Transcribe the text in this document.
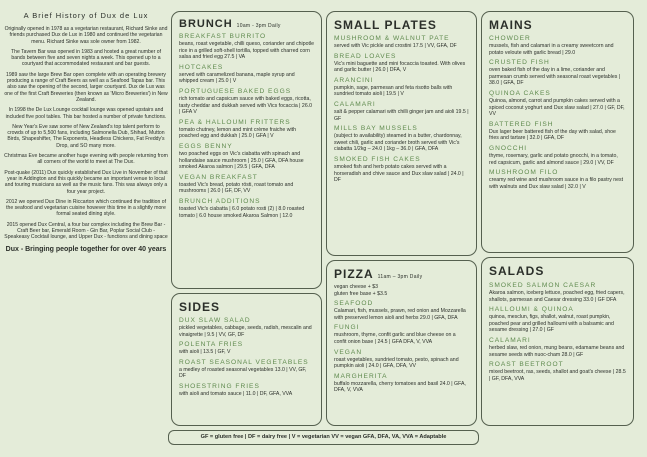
A Brief History of Dux de Lux

Originally opened in 1978 as a vegetarian restaurant, Richard Sinke and friends purchased Dux de Lux in 1980 and continued the vegetarian menu. Richard Sinke was sole owner from 1982.

The Tavern Bar was opened in 1983 and hosted a great number of bands between five and seven nights a week. This opened up to a courtyard that accommodated restaurant and bar guests.

1989 saw the large Brew Bar open complete with an operating brewery producing a range of Craft Beers as well as a Seafood Tapas bar. This also saw the opening of the second, larger courtyard. Dux de Lux was one of the first Craft Breweries (then known as 'Micro Breweries') in New Zealand.

In 1998 the De Lux Lounge cocktail lounge was opened upstairs and included five pool tables. This bar hosted a number of private functions.

New Year's Eve saw some of New Zealand's top talent perform to crowds of up to 5,500 fans, including Salmonella Dub, Shihad, Mutton Birds, Shapeshifter, The Exponents, Headless Chickens, Fat Freddy's Drop, and SO many more.

Christmas Eve became another huge evening with people returning from all corners of the world to meet at The Dux.

Post-quake (2011) Dux quickly established Dux Live in November of that year in Addington and this quickly became an important venue to local and touring musicians as well as the music fans. This was always only a four year project.

2012 we opened Dux Dine in Riccarton which continued the tradition of the seafood and vegetarian cuisine however this time in a slightly more formal seated dining style.

2015 opened Dux Central, a four bar complex including the Brew Bar - Craft Beer bar, Emerald Room - Gin Bar, Poplar Social Club - Speakeasy Cocktail lounge, and Upper Dux - functions and dining space

Dux - Bringing people together for over 40 years
BRUNCH 10am - 3pm Daily
BREAKFAST BURRITO
beans, roast vegetable, chilli queso, coriander and chipotle rice in a grilled soft-shell tortilla, topped with charred corn salsa and fried egg 27.5 | VA
HOTCAKES
served with caramelized banana, maple syrup and whipped cream | 25.0 | V
PORTUGUESE BAKED EGGS
rich tomato and capsicum sauce with baked eggs, ricotta, tasty cheddar and dukkah served with Vics focaccia | 26.0 | GFA V
PEA & HALLOUMI FRITTERS
tomato chutney, lemon and mint crème fraiche with poached egg and dukkah | 25.0 | GFA | V
EGGS BENNY
two poached eggs on Vic's ciabatta with spinach and hollandaise sauce mushroom | 25.0 | GFA, DFA house smoked Akaroa salmon | 29.5 | GFA, DFA
VEGAN BREAKFAST
toasted Vic's bread, potato rösti, roast tomato and mushrooms | 26.0 | GF, DF, VV
BRUNCH ADDITIONS
toasted Vic's ciabatta | 6.0 potato rosti (2) | 8.0 roasted tomato | 6.0 house smoked Akaroa Salmon | 12.0
SIDES
DUX SLAW SALAD
pickled vegetables, cabbage, seeds, radish, mescalin and vinaigrette | 9.5 | VV, GF, DF
POLENTA FRIES
with aioli | 13.5 | GF, V
ROAST SEASONAL VEGETABLES
a medley of roasted seasonal vegetables 13.0 | VV, GF, DF
SHOESTRING FRIES
with aioli and tomato sauce | 11.0 | DF, GFA, VVA
SMALL PLATES
MUSHROOM & WALNUT PATE
served with Vic pickle and crostini 17.5 | VV, GFA, DF
BREAD LOAVES
Vic's mini baguette and mini focaccia toasted. With olives and garlic butter | 26.0 | DFA, V
ARANCINI
pumpkin, sage, parmesan and feta risotto balls with sundried tomato aioli | 19.5 | V
CALAMARI
salt & pepper calamari with chilli ginger jam and aioli 19.5 | GF
MILLS BAY MUSSELS
(subject to availability) steamed in a butter, chardonnay, sweet chili, garlic and coriander broth served with Vic's ciabatta 1/2kg – 24.0 | 1kg – 36.0 | GFA, DFA
SMOKED FISH CAKES
smoked fish and herb potato cakes served with a horseradish and chive sauce and Dux slaw salad | 24.0 | DF
PIZZA 11am – 3pm Daily
vegan cheese + $3
gluten free base + $3.5
SEAFOOD
Calamari, fish, mussels, prawn, red onion and Mozzarella with preserved lemon aioli and herbs 29.0 | GFA, DFA
FUNGI
mushroom, thyme, confit garlic and blue cheese on a confit onion base | 24.5 | GFA DFA, V, VVA
VEGAN
roast vegetables, sundried tomato, pesto, spinach and pumpkin aioli | 24.0 | GFA, DFA, VV
MARGHERITA
buffalo mozzarella, cherry tomatoes and basil 24.0 | GFA, DFA, V, VVA
MAINS
CHOWDER
mussels, fish and calamari in a creamy sweetcorn and potato veloute with garlic bread | 29.0
CRUSTED FISH
oven baked fish of the day in a lime, coriander and parmesan crumb served with seasonal roast vegetables | 38.0 | GFA, DF
QUINOA CAKES
Quinoa, almond, carrot and pumpkin cakes served with a spiced coconut yoghurt and Dux slaw salad | 27.0 | GF, DF, VV
BATTERED FISH
Dux lager beer battered fish of the day with salad, shoe fries and tartare | 32.0 | GFA, DF
GNOCCHI
thyme, rosemary, garlic and potato gnocchi, in a tomato, red capsicum, garlic and almond sauce | 29.0 | VV, DF
MUSHROOM FILO
creamy red wine and mushroom sauce in a filo pastry nest with walnuts and Dux slaw salad | 32.0 | V
SALADS
SMOKED SALMON CAESAR
Akaroa salmon, iceberg lettuce, poached egg, fried capers, shallots, parmesan and Caesar dressing 33.0 | GF DFA
HALLOUMI & QUINOA
quinoa, mesclun, figs, shallot, walnut, roast pumpkin, poached pear and grilled halloumi with a balsamic and sesame dressing | 27.0 | GF
CALAMARI
herbed slaw, red onion, mung beans, edamame beans and sesame seeds with nuoc-cham 28.0 | GF
ROAST BEETROOT
mixed beetroot, ras, seeds, shallot and goat's cheese | 28.5 | GF, DFA, VVA
GF = gluten free | DF = dairy free | V = vegetarian VV = vegan GFA, DFA, VA, VVA = Adaptable
